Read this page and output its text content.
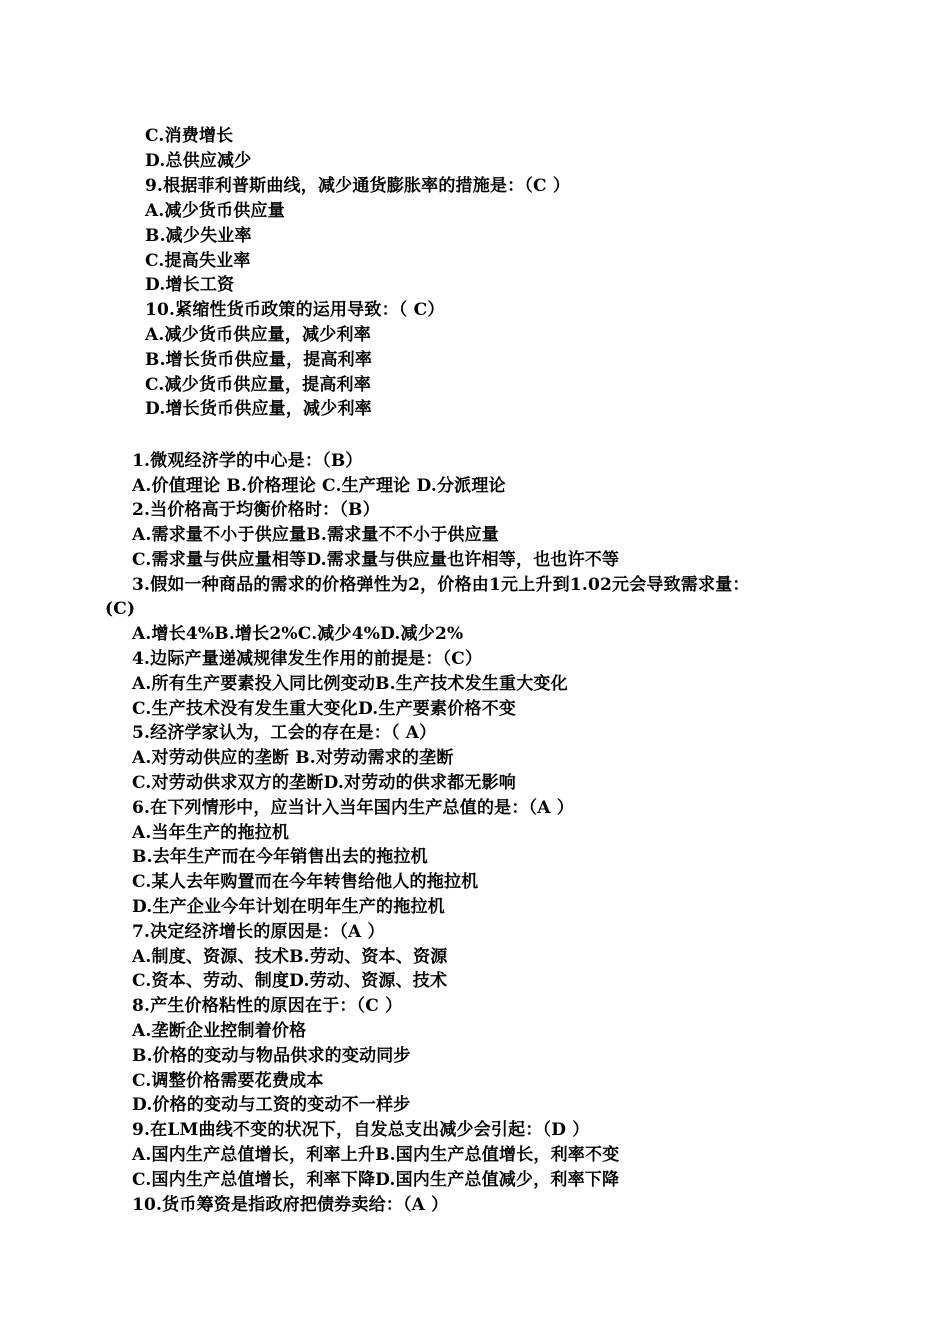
C.消费增长
D.总供应减少
9.根据菲利普斯曲线，减少通货膨胀率的措施是：（C ）
A.减少货币供应量
B.减少失业率
C.提高失业率
D.增长工资
10.紧缩性货币政策的运用导致：（ C）
A.减少货币供应量，减少利率
B.增长货币供应量，提高利率
C.减少货币供应量，提高利率
D.增长货币供应量，减少利率
1.微观经济学的中心是：（B）
A.价值理论 B.价格理论 C.生产理论 D.分派理论
2.当价格高于均衡价格时：（B）
A.需求量不小于供应量B.需求量不不小于供应量
C.需求量与供应量相等D.需求量与供应量也许相等，也也许不等
3.假如一种商品的需求的价格弹性为2，价格由1元上升到1.02元会导致需求量：
(C)
A.增长4%B.增长2%C.减少4%D.减少2%
4.边际产量递减规律发生作用的前提是：（C）
A.所有生产要素投入同比例变动B.生产技术发生重大变化
C.生产技术没有发生重大变化D.生产要素价格不变
5.经济学家认为，工会的存在是：（ A）
A.对劳动供应的垄断 B.对劳动需求的垄断
C.对劳动供求双方的垄断D.对劳动的供求都无影响
6.在下列情形中，应当计入当年国内生产总值的是：（A ）
A.当年生产的拖拉机
B.去年生产而在今年销售出去的拖拉机
C.某人去年购置而在今年转售给他人的拖拉机
D.生产企业今年计划在明年生产的拖拉机
7.决定经济增长的原因是：（A ）
A.制度、资源、技术B.劳动、资本、资源
C.资本、劳动、制度D.劳动、资源、技术
8.产生价格粘性的原因在于：（C ）
A.垄断企业控制着价格
B.价格的变动与物品供求的变动同步
C.调整价格需要花费成本
D.价格的变动与工资的变动不一样步
9.在LM曲线不变的状况下，自发总支出减少会引起：（D ）
A.国内生产总值增长，利率上升B.国内生产总值增长，利率不变
C.国内生产总值增长，利率下降D.国内生产总值减少，利率下降
10.货币筹资是指政府把债券卖给：（A ）
